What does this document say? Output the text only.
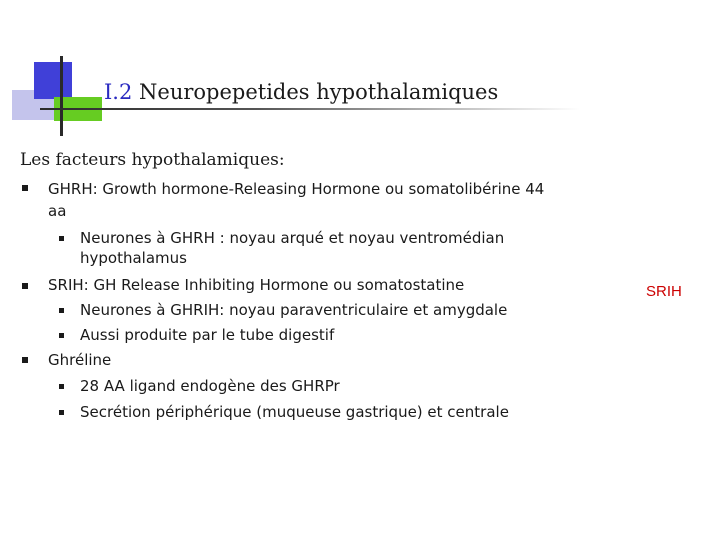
I.2 Neuropepetides hypothalamiques
Les facteurs hypothalamiques:
GHRH: Growth hormone-Releasing Hormone ou somatolibérine 44
aa
Neurones à GHRH : noyau arqué et noyau ventromédian
hypothalamus
SRIH: GH Release Inhibiting Hormone ou somatostatine
Neurones à GHRIH: noyau paraventriculaire et amygdale
Aussi produite par le tube digestif
Ghréline
28 AA ligand endogène des GHRPr
Secrétion périphérique (muqueuse gastrique) et centrale
SRIH
